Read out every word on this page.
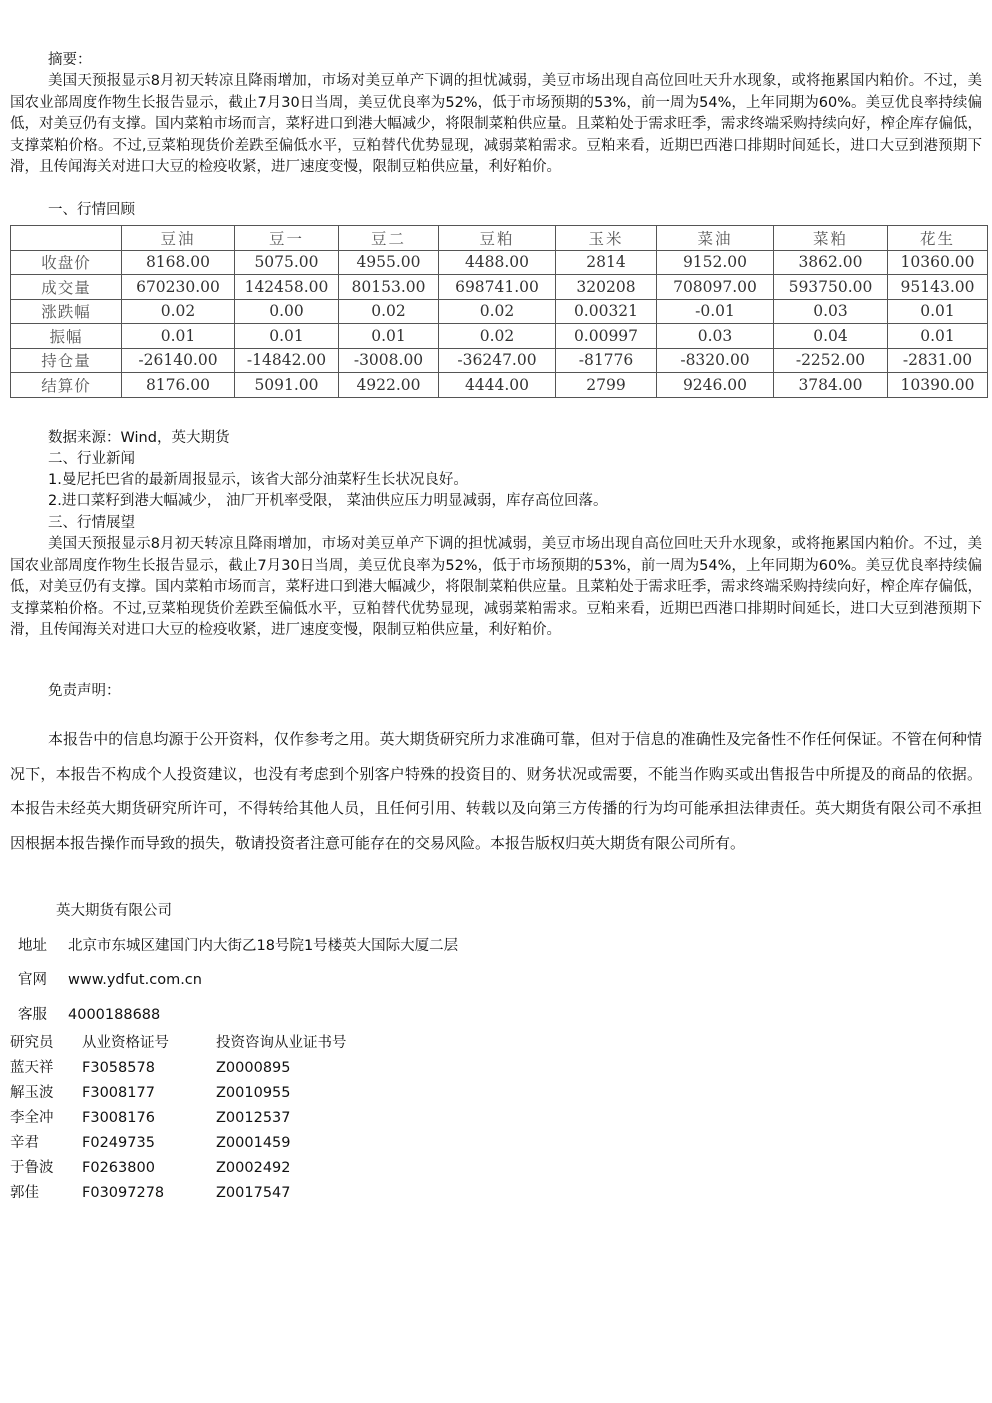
摘要：

美国天预报显示8月初天转凉且降雨增加，市场对美豆单产下调的担忧减弱，美豆市场出现自高位回吐天升水现象，或将拖累国内粕价。不过，美国农业部周度作物生长报告显示，截止7月30日当周，美豆优良率为52%，低于市场预期的53%，前一周为54%，上年同期为60%。美豆优良率持续偏低，对美豆仍有支撑。国内菜粕市场而言，菜籽进口到港大幅减少，将限制菜粕供应量。且菜粕处于需求旺季，需求终端采购持续向好，榨企库存偏低，支撑菜粕价格。不过,豆菜粕现货价差跌至偏低水平，豆粕替代优势显现，减弱菜粕需求。豆粕来看，近期巴西港口排期时间延长，进口大豆到港预期下滑，且传闻海关对进口大豆的检疫收紧，进厂速度变慢，限制豆粕供应量，利好粕价。

一、行情回顾

	豆油	豆一	豆二	豆粕	玉米	菜油	菜粕	花生
收盘价	8168.00	5075.00	4955.00	4488.00	2814	9152.00	3862.00	10360.00
成交量	670230.00	142458.00	80153.00	698741.00	320208	708097.00	593750.00	95143.00
涨跌幅	0.02	0.00	0.02	0.02	0.00321	-0.01	0.03	0.01
振幅	0.01	0.01	0.01	0.02	0.00997	0.03	0.04	0.01
持仓量	-26140.00	-14842.00	-3008.00	-36247.00	-81776	-8320.00	-2252.00	-2831.00
结算价	8176.00	5091.00	4922.00	4444.00	2799	9246.00	3784.00	10390.00

数据来源：Wind，英大期货

二、行业新闻

1.曼尼托巴省的最新周报显示，该省大部分油菜籽生长状况良好。

2.进口菜籽到港大幅减少， 油厂开机率受限， 菜油供应压力明显减弱，库存高位回落。

三、行情展望

美国天预报显示8月初天转凉且降雨增加，市场对美豆单产下调的担忧减弱，美豆市场出现自高位回吐天升水现象，或将拖累国内粕价。不过，美国农业部周度作物生长报告显示，截止7月30日当周，美豆优良率为52%，低于市场预期的53%，前一周为54%，上年同期为60%。美豆优良率持续偏低，对美豆仍有支撑。国内菜粕市场而言，菜籽进口到港大幅减少，将限制菜粕供应量。且菜粕处于需求旺季，需求终端采购持续向好，榨企库存偏低，支撑菜粕价格。不过,豆菜粕现货价差跌至偏低水平，豆粕替代优势显现，减弱菜粕需求。豆粕来看，近期巴西港口排期时间延长，进口大豆到港预期下滑，且传闻海关对进口大豆的检疫收紧，进厂速度变慢，限制豆粕供应量，利好粕价。

免责声明：

本报告中的信息均源于公开资料，仅作参考之用。英大期货研究所力求准确可靠，但对于信息的准确性及完备性不作任何保证。不管在何种情况下，本报告不构成个人投资建议，也没有考虑到个别客户特殊的投资目的、财务状况或需要，不能当作购买或出售报告中所提及的商品的依据。本报告未经英大期货研究所许可，不得转给其他人员，且任何引用、转载以及向第三方传播的行为均可能承担法律责任。英大期货有限公司不承担因根据本报告操作而导致的损失，敬请投资者注意可能存在的交易风险。本报告版权归英大期货有限公司所有。

英大期货有限公司

地址 北京市东城区建国门内大街乙18号院1号楼英大国际大厦二层

官网 www.ydfut.com.cn

客服 4000188688

研究员 从业资格证号	投资咨询从业证书号
蓝天祥 F3058578	Z0000895
解玉波 F3008177	Z0010955
李全冲 F3008176	Z0012537
辛君	F0249735	Z0001459
于鲁波 F0263800	Z0002492
郭佳	F03097278	Z0017547
